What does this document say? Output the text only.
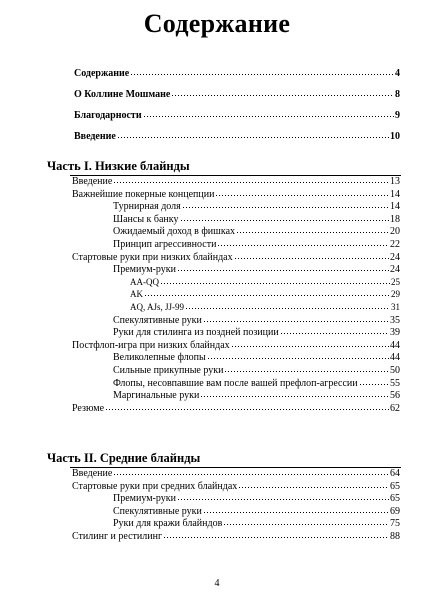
Содержание
Содержание	4
О Коллине Мошмане	8
Благодарности	9
Введение	10
Часть I. Низкие блайнды
Введение	13
Важнейшие покерные концепции	14
Турнирная доля	14
Шансы к банку	18
Ожидаемый доход в фишках	20
Принцип агрессивности	22
Стартовые руки при низких блайндах	24
Премиум-руки	24
AA-QQ	25
AK	29
AQ, AJs, JJ-99	31
Спекулятивные руки	35
Руки для стилинга из поздней позиции	39
Постфлоп-игра при низких блайндах	44
Великолепные флопы	44
Сильные прикупные руки	50
Флопы, несовпавшие вам после вашей префлоп-агрессии	55
Маргинальные руки	56
Резюме	62
Часть II. Средние блайнды
Введение	64
Стартовые руки при средних блайндах	65
Премиум-руки	65
Спекулятивные руки	69
Руки для кражи блайндов	75
Стилинг и рестилинг	88
4
